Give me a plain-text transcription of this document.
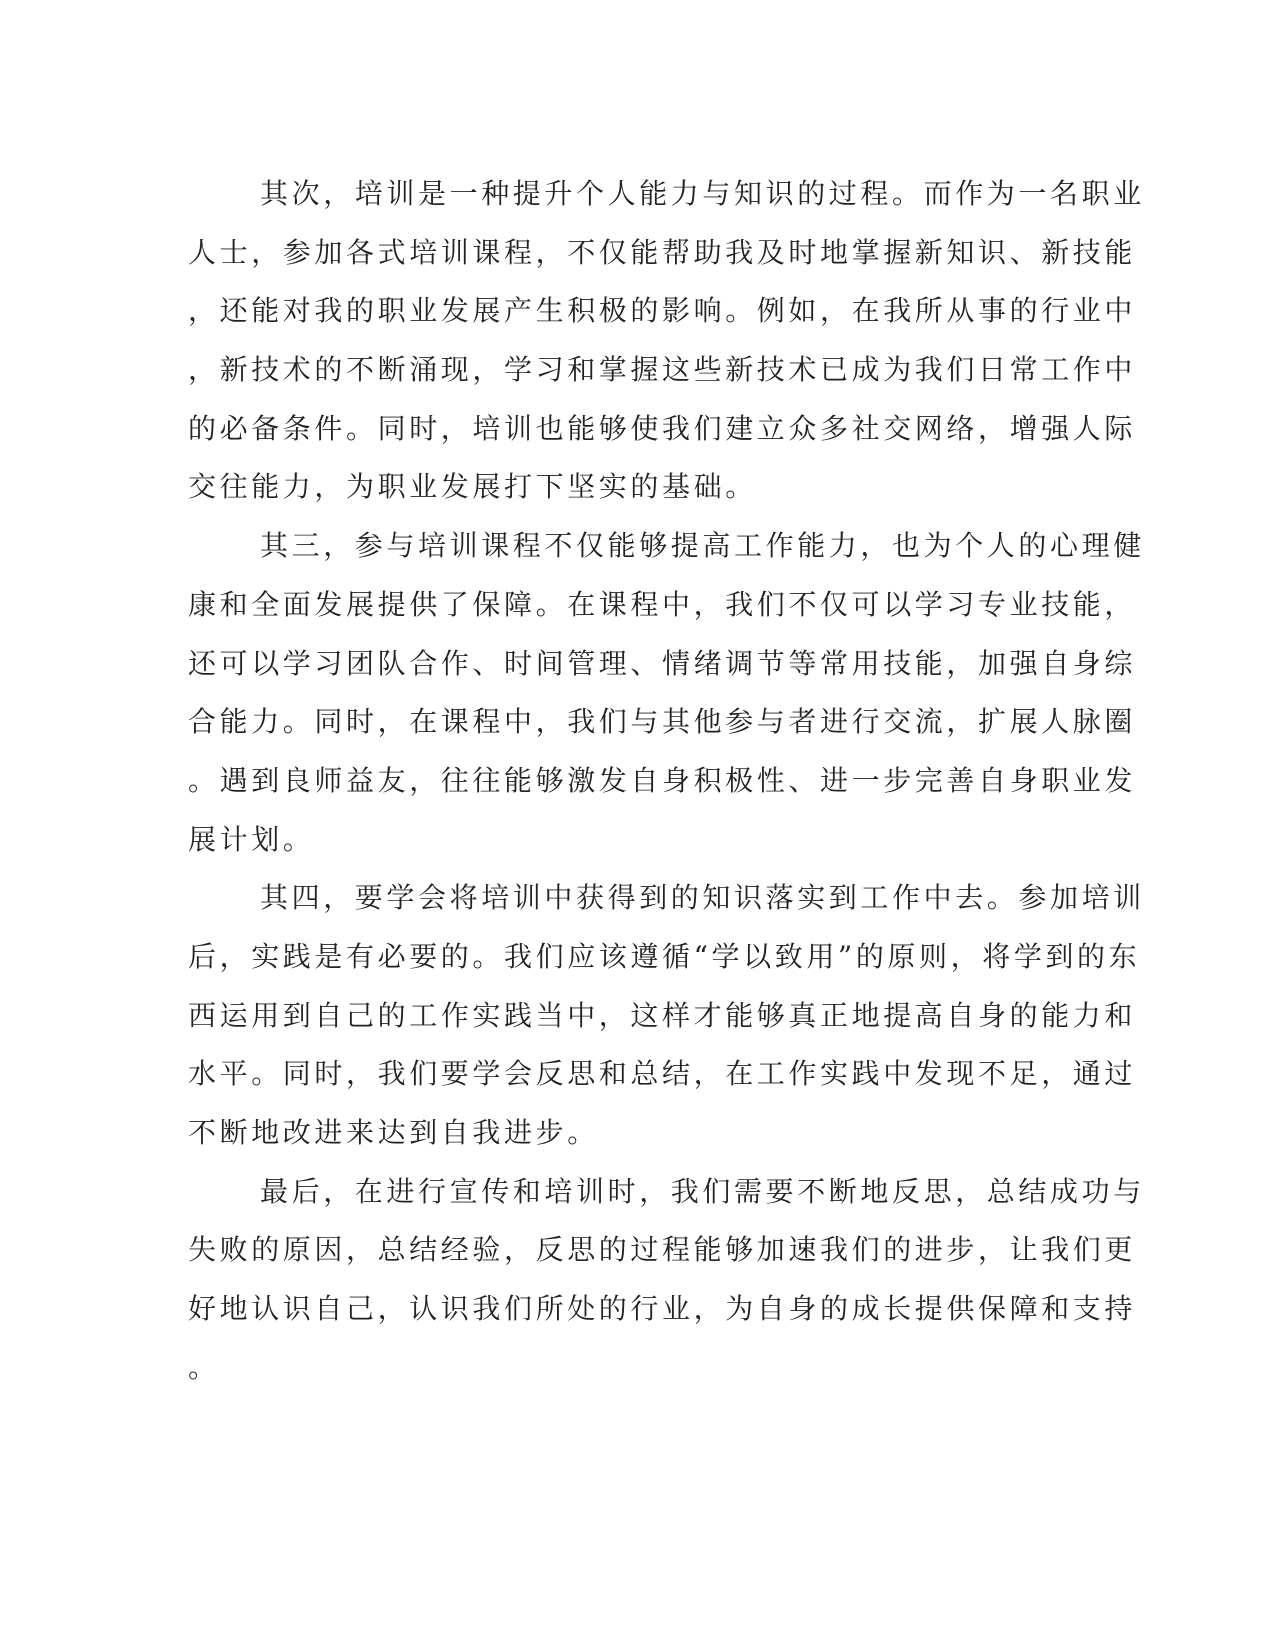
其次，培训是一种提升个人能力与知识的过程。而作为一名职业
人士，参加各式培训课程，不仅能帮助我及时地掌握新知识、新技能
，还能对我的职业发展产生积极的影响。例如，在我所从事的行业中
，新技术的不断涌现，学习和掌握这些新技术已成为我们日常工作中
的必备条件。同时，培训也能够使我们建立众多社交网络，增强人际
交往能力，为职业发展打下坚实的基础。
其三，参与培训课程不仅能够提高工作能力，也为个人的心理健
康和全面发展提供了保障。在课程中，我们不仅可以学习专业技能，
还可以学习团队合作、时间管理、情绪调节等常用技能，加强自身综
合能力。同时，在课程中，我们与其他参与者进行交流，扩展人脉圈
。遇到良师益友，往往能够激发自身积极性、进一步完善自身职业发
展计划。
其四，要学会将培训中获得到的知识落实到工作中去。参加培训
后，实践是有必要的。我们应该遵循“学以致用”的原则，将学到的东
西运用到自己的工作实践当中，这样才能够真正地提高自身的能力和
水平。同时，我们要学会反思和总结，在工作实践中发现不足，通过
不断地改进来达到自我进步。
最后，在进行宣传和培训时，我们需要不断地反思，总结成功与
失败的原因，总结经验，反思的过程能够加速我们的进步，让我们更
好地认识自己，认识我们所处的行业，为自身的成长提供保障和支持
。
